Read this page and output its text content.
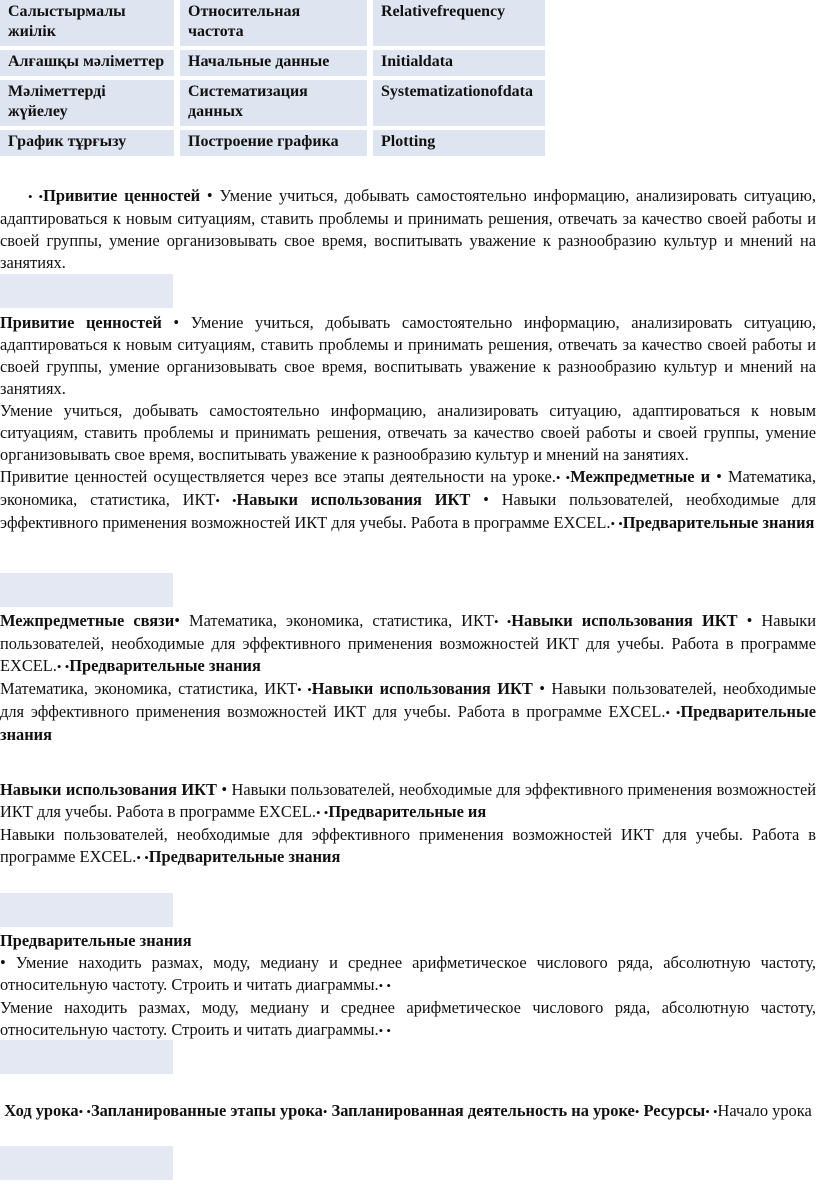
Салыстырмалы жиілік	Относительная частота	Relativefrequency
Алғашқы мәліметтер	Начальные данные	Initialdata
Мәліметтерді жүйелеу	Систематизация данных	Systematizationofdata
График тұрғызу	Построение графика	Plotting
• •Привитие ценностей • Умение учиться, добывать самостоятельно информацию, анализировать ситуацию, адаптироваться к новым ситуациям, ставить проблемы и принимать решения, отвечать за качество своей работы и своей группы, умение организовывать свое время, воспитывать уважение к разнообразию культур и мнений на занятиях.
Привитие ценностей • Умение учиться, добывать самостоятельно информацию, анализировать ситуацию, адаптироваться к новым ситуациям, ставить проблемы и принимать решения, отвечать за качество своей работы и своей группы, умение организовывать свое время, воспитывать уважение к разнообразию культур и мнений на занятиях.
Умение учиться, добывать самостоятельно информацию, анализировать ситуацию, адаптироваться к новым ситуациям, ставить проблемы и принимать решения, отвечать за качество своей работы и своей группы, умение организовывать свое время, воспитывать уважение к разнообразию культур и мнений на занятиях.
Привитие ценностей осуществляется через все этапы деятельности на уроке.• •Межпредметные и • Математика, экономика, статистика, ИКТ• •Навыки использования ИКТ • Навыки пользователей, необходимые для эффективного применения возможностей ИКТ для учебы. Работа в программе EXCEL.• •Предварительные знания
Межпредметные связи• Математика, экономика, статистика, ИКТ• •Навыки использования ИКТ • Навыки пользователей, необходимые для эффективного применения возможностей ИКТ для учебы. Работа в программе EXCEL.• •Предварительные знания
Математика, экономика, статистика, ИКТ• •Навыки использования ИКТ • Навыки пользователей, необходимые для эффективного применения возможностей ИКТ для учебы. Работа в программе EXCEL.• •Предварительные знания
Навыки использования ИКТ • Навыки пользователей, необходимые для эффективного применения возможностей ИКТ для учебы. Работа в программе EXCEL.• •Предварительные ия
Навыки пользователей, необходимые для эффективного применения возможностей ИКТ для учебы. Работа в программе EXCEL.• •Предварительные знания
Предварительные знания
• Умение находить размах, моду, медиану и среднее арифметическое числового ряда, абсолютную частоту, относительную частоту. Строить и читать диаграммы.• •
Умение находить размах, моду, медиану и среднее арифметическое числового ряда, абсолютную частоту, относительную частоту. Строить и читать диаграммы.• •
Ход урока• •Запланированные этапы урока• Запланированная деятельность на уроке• Ресурсы• •Начало урока
